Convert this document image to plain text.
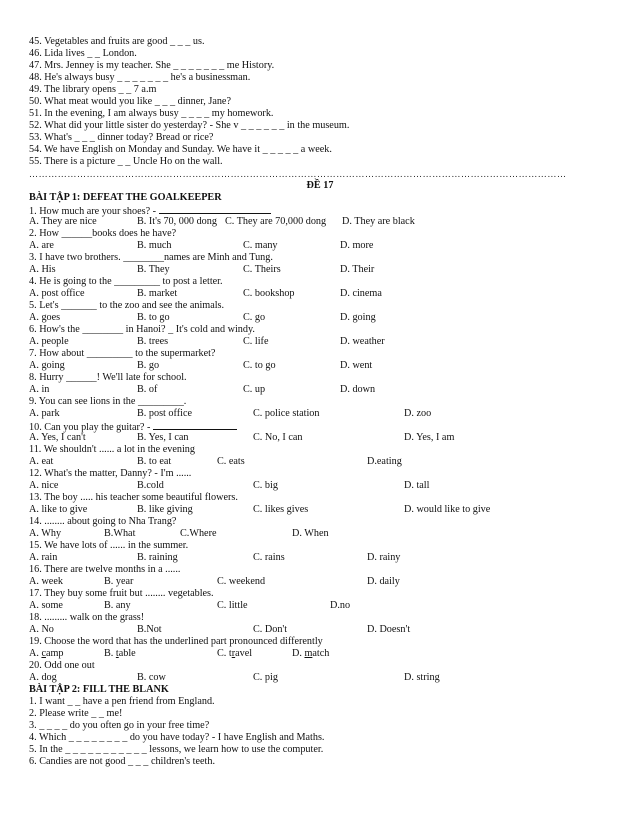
45. Vegetables and fruits are good _ _ _ us.
46. Lida lives _ _ London.
47. Mrs. Jenney is my teacher. She _ _ _ _ _ _ _ me History.
48. He's always busy _ _ _ _ _ _ _ he's a businessman.
49. The library opens _ _ 7 a.m
50. What meat would you like _ _ _ dinner, Jane?
51. In the evening, I am always busy _ _ _ _ my homework.
52. What did your little sister do yesterday? - She v _ _ _ _ _ _ in the museum.
53. What's _ _ _ dinner today? Bread or rice?
54. We have English on Monday and Sunday. We have it _ _ _ _ _ a week.
55. There is a picture _ _ Uncle Ho on the wall.
……………………………………………………………………………………………………………………………………………………
ĐỀ 17
BÀI TẬP 1: DEFEAT THE GOALKEEPER
1. How much are your shoes? -
A. They are nice	B. It's 70, 000 dong C. They are 70,000 dong D. They are black
2. How ______books does he have?
A. are	B. much	C. many	D. more
3. I have two brothers. ________names are Minh and Tung.
A. His	B. They	C. Theirs	D. Their
4. He is going to the _________ to post a letter.
A. post office	B. market	C. bookshop	D. cinema
5. Let's _______ to the zoo and see the animals.
A. goes	B. to go	C. go	D. going
6. How's the ________ in Hanoi? _ It's cold and windy.
A. people	B. trees	C. life	D. weather
7. How about _________ to the supermarket?
A. going	B. go	C. to go	D. went
8. Hurry ______! We'll late for school.
A. in	B. of	C. up	D. down
9. You can see lions in the _________.
A. park	B. post office	C. police station	D. zoo
10. Can you play the guitar? -
A. Yes, I can't	B. Yes, I can	C. No, I can	D. Yes, I am
11. We shouldn't ...... a lot in the evening
A. eat	B. to eat	C. eats	D.eating
12. What's the matter, Danny? - I'm ......
A. nice	B.cold	C. big	D. tall
13. The boy ..... his teacher some beautiful flowers.
A. like to give	B. like giving	C. likes gives	D. would like to give
14. ........ about going to Nha Trang?
A. Why	B.What	C.Where	D. When
15. We have lots of ...... in the summer.
A. rain	B. raining	C. rains	D. rainy
16. There are twelve months in a ......
A. week	B. year	C. weekend	D. daily
17. They buy some fruit but ........ vegetables.
A. some	B. any	C. little	D.no
18. ......... walk on the grass!
A. No	B.Not	C. Don't	D. Doesn't
19. Choose the word that has the underlined part pronounced differently
A. camp	B. table	C. travel	D. match
20. Odd one out
A. dog	B. cow	C. pig	D. string
BÀI TẬP 2: FILL THE BLANK
1. I want _ _ have a pen friend from England.
2. Please write _ _ me!
3. _ _ _ _ do you often go in your free time?
4. Which _ _ _ _ _ _ _ _ do you have today? - I have English and Maths.
5. In the _ _ _ _ _ _ _ _ _ _ _ lessons, we learn how to use the computer.
6. Candies are not good _ _ _ children's teeth.
